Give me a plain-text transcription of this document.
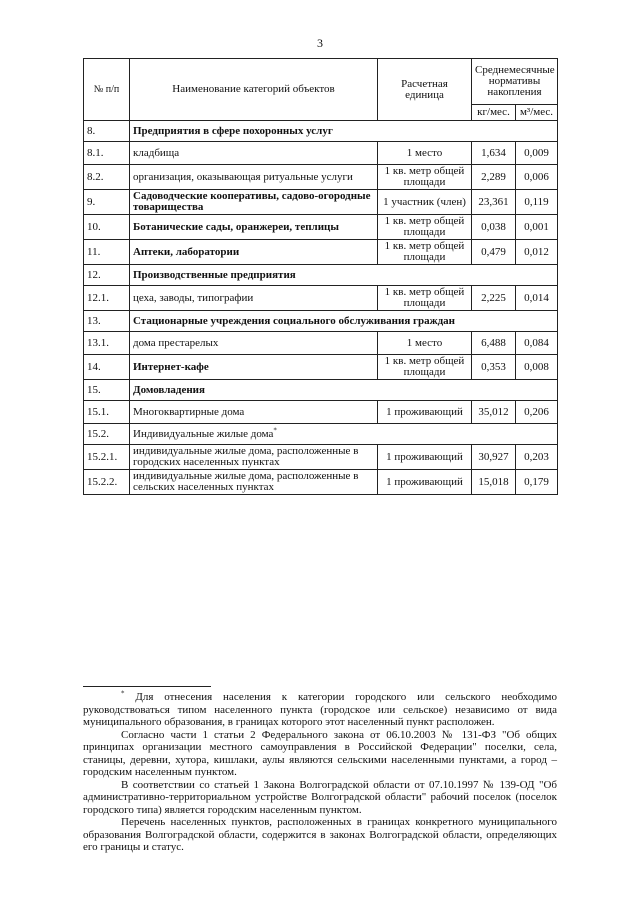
3
№ п/п	Наименование категорий объектов	Расчетная единица	Среднемесячные нормативы накопления	
			кг/мес.	м³/мес.
8.	Предприятия в сфере похоронных услуг			
8.1.	кладбища	1 место	1,634	0,009
8.2.	организация, оказывающая ритуальные услуги	1 кв. метр общей площади	2,289	0,006
9.	Садоводческие кооперативы, садово-огородные товарищества	1 участник (член)	23,361	0,119
10.	Ботанические сады, оранжереи, теплицы	1 кв. метр общей площади	0,038	0,001
11.	Аптеки, лаборатории	1 кв. метр общей площади	0,479	0,012
12.	Производственные предприятия			
12.1.	цеха, заводы, типографии	1 кв. метр общей площади	2,225	0,014
13.	Стационарные учреждения социального обслуживания граждан			
13.1.	дома престарелых	1 место	6,488	0,084
14.	Интернет-кафе	1 кв. метр общей площади	0,353	0,008
15.	Домовладения			
15.1.	Многоквартирные дома	1 проживающий	35,012	0,206
15.2.	Индивидуальные жилые дома*
15.2.1.	индивидуальные жилые дома, расположенные в городских населенных пунктах	1 проживающий	30,927	0,203
15.2.2.	индивидуальные жилые дома, расположенные в сельских населенных пунктах	1 проживающий	15,018	0,179

* Для отнесения населения к категории городского или сельского необходимо руководствоваться типом населенного пункта (городское или сельское) независимо от вида муниципального образования, в границах которого этот населенный пункт расположен.

Согласно части 1 статьи 2 Федерального закона от 06.10.2003 № 131-ФЗ "Об общих принципах организации местного самоуправления в Российской Федерации" поселки, села, станицы, деревни, хутора, кишлаки, аулы являются сельскими населенными пунктами, а город – городским населенным пунктом.

В соответствии со статьей 1 Закона Волгоградской области от 07.10.1997 № 139-ОД "Об административно-территориальном устройстве Волгоградской области" рабочий поселок (поселок городского типа) является городским населенным пунктом.

Перечень населенных пунктов, расположенных в границах конкретного муниципального образования Волгоградской области, содержится в законах Волгоградской области, определяющих его границы и статус.
